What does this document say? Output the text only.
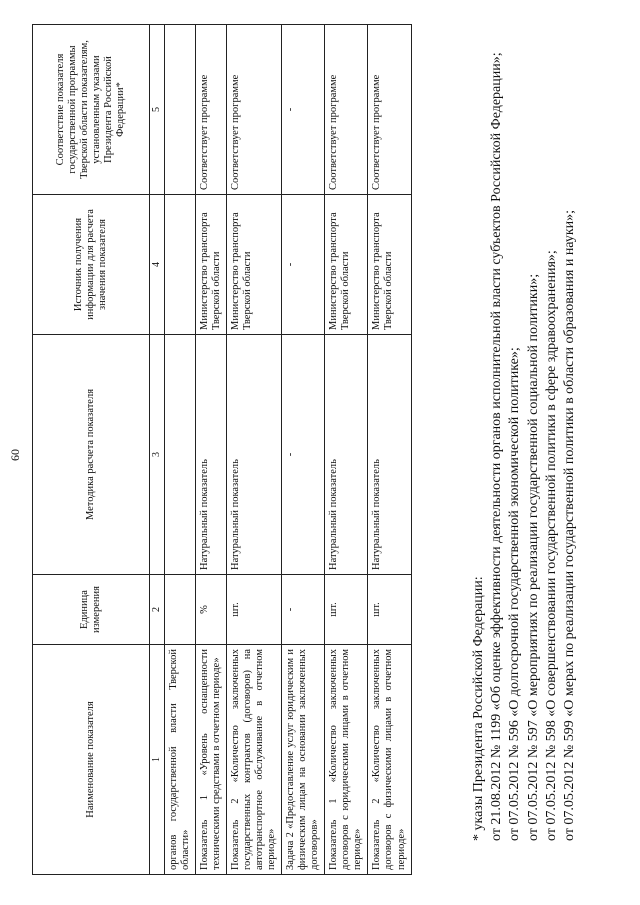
60
Наименование показателя	Единица измерения	Методика расчета показателя	Источник получения информации для расчета значения показателя	Соответствие показателя государственной программы Тверской области показателям, установленным указами Президента Российской Федерации*
1	2	3	4	5
органов государственной власти Тверской области»				
Показатель 1 «Уровень оснащенности техническими средствами в отчетном периоде»	%	Натуральный показатель	Министерство транспорта Тверской области	Соответствует программе
Показатель 2 «Количество заключенных государственных контрактов (договоров) на автотранспортное обслуживание в отчетном периоде»	шт.	Натуральный показатель	Министерство транспорта Тверской области	Соответствует программе
Задача 2 «Предоставление услуг юридическим и физическим лицам на основании заключенных договоров»	-	-	-	-
Показатель 1 «Количество заключенных договоров с юридическими лицами в отчетном периоде»	шт.	Натуральный показатель	Министерство транспорта Тверской области	Соответствует программе
Показатель 2 «Количество заключенных договоров с физическими лицами в отчетном периоде»	шт.	Натуральный показатель	Министерство транспорта Тверской области	Соответствует программе

* указы Президента Российской Федерации: от 21.08.2012 № 1199 «Об оценке эффективности деятельности органов исполнительной власти субъектов Российской Федерации»; от 07.05.2012 № 596 «О долгосрочной государственной экономической политике»; от 07.05.2012 № 597 «О мероприятиях по реализации государственной социальной политики»; от 07.05.2012 № 598 «О совершенствовании государственной политики в сфере здравоохранения»; от 07.05.2012 № 599 «О мерах по реализации государственной политики в области образования и науки»;
